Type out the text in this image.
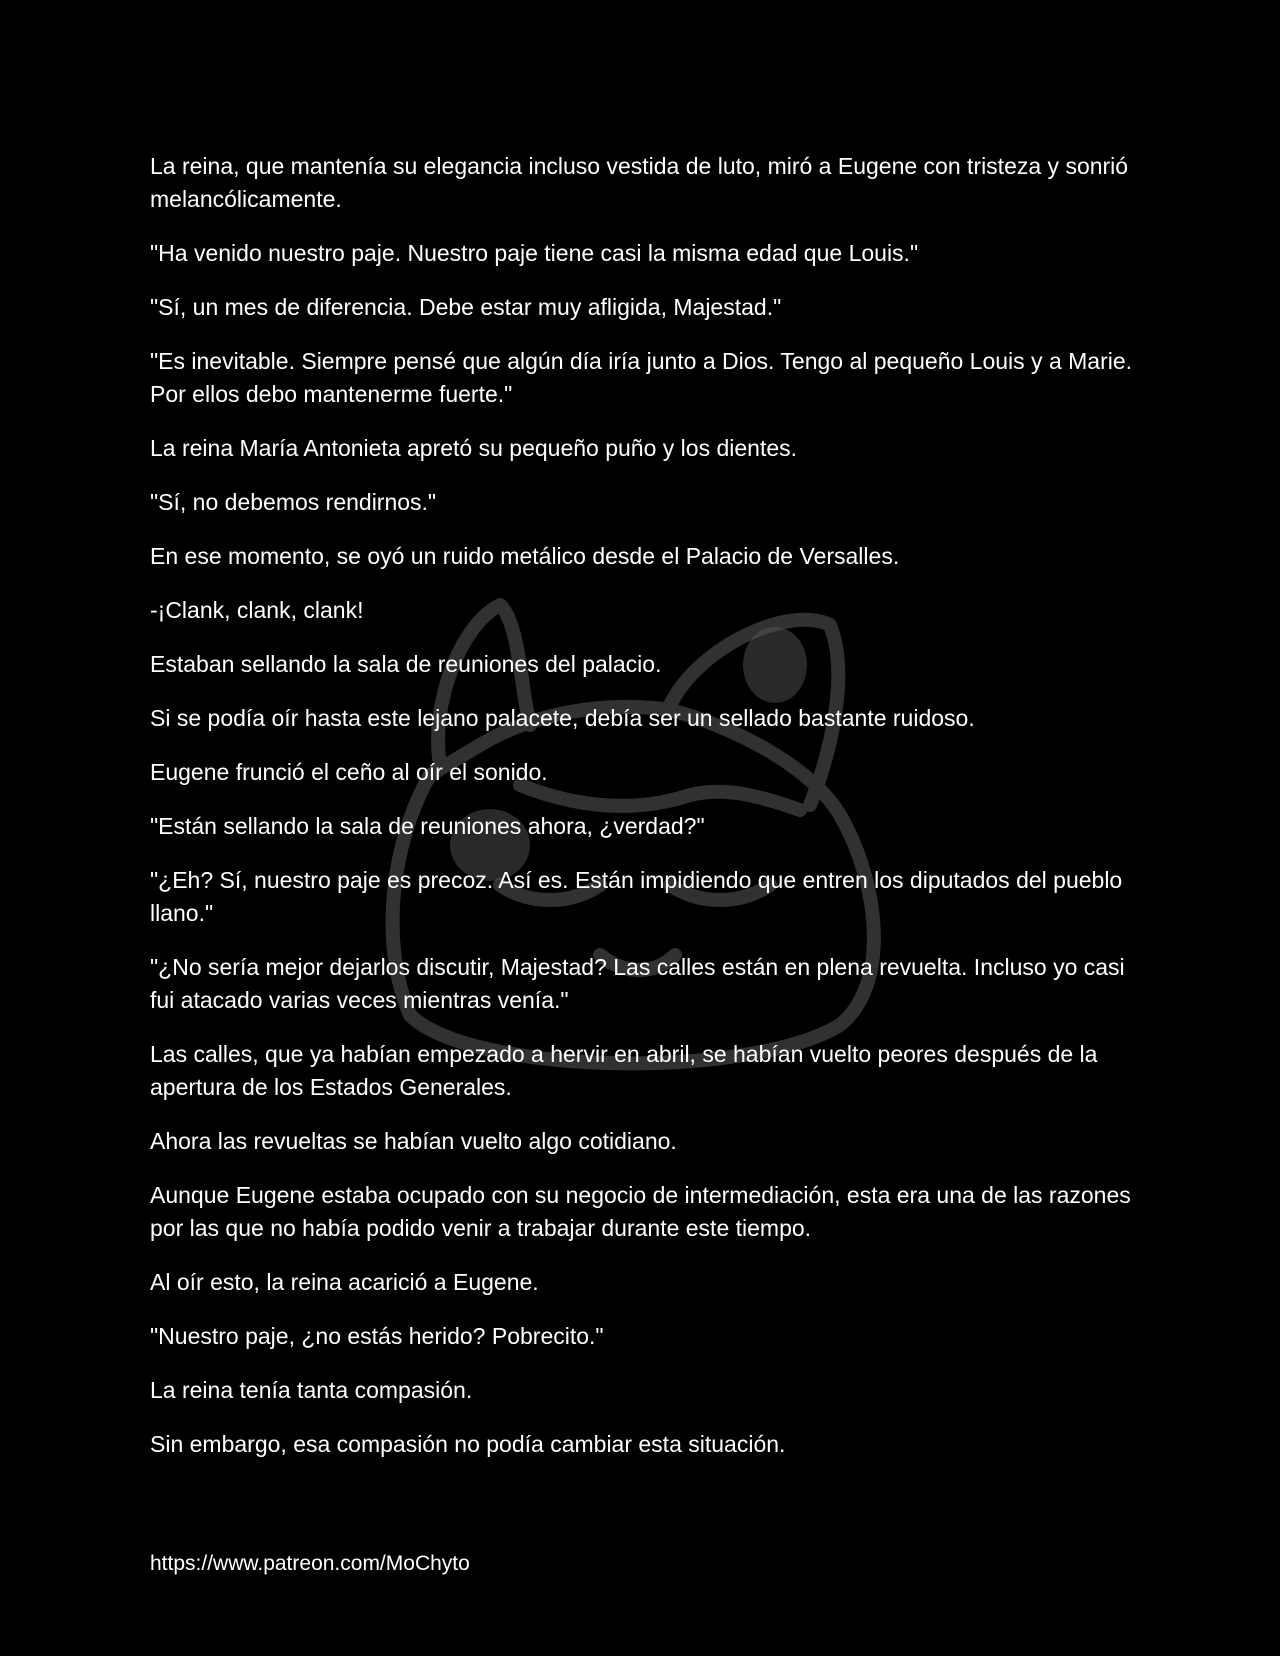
La reina, que mantenía su elegancia incluso vestida de luto, miró a Eugene con tristeza y sonrió melancólicamente.

"Ha venido nuestro paje. Nuestro paje tiene casi la misma edad que Louis."

"Sí, un mes de diferencia. Debe estar muy afligida, Majestad."

"Es inevitable. Siempre pensé que algún día iría junto a Dios. Tengo al pequeño Louis y a Marie. Por ellos debo mantenerme fuerte."

La reina María Antonieta apretó su pequeño puño y los dientes.

"Sí, no debemos rendirnos."

En ese momento, se oyó un ruido metálico desde el Palacio de Versalles.

-¡Clank, clank, clank!

Estaban sellando la sala de reuniones del palacio.

Si se podía oír hasta este lejano palacete, debía ser un sellado bastante ruidoso.

Eugene frunció el ceño al oír el sonido.

"Están sellando la sala de reuniones ahora, ¿verdad?"

"¿Eh? Sí, nuestro paje es precoz. Así es. Están impidiendo que entren los diputados del pueblo llano."

"¿No sería mejor dejarlos discutir, Majestad? Las calles están en plena revuelta. Incluso yo casi fui atacado varias veces mientras venía."

Las calles, que ya habían empezado a hervir en abril, se habían vuelto peores después de la apertura de los Estados Generales.

Ahora las revueltas se habían vuelto algo cotidiano.

Aunque Eugene estaba ocupado con su negocio de intermediación, esta era una de las razones por las que no había podido venir a trabajar durante este tiempo.

Al oír esto, la reina acarició a Eugene.

"Nuestro paje, ¿no estás herido? Pobrecito."

La reina tenía tanta compasión.

Sin embargo, esa compasión no podía cambiar esta situación.

https://www.patreon.com/MoChyto
